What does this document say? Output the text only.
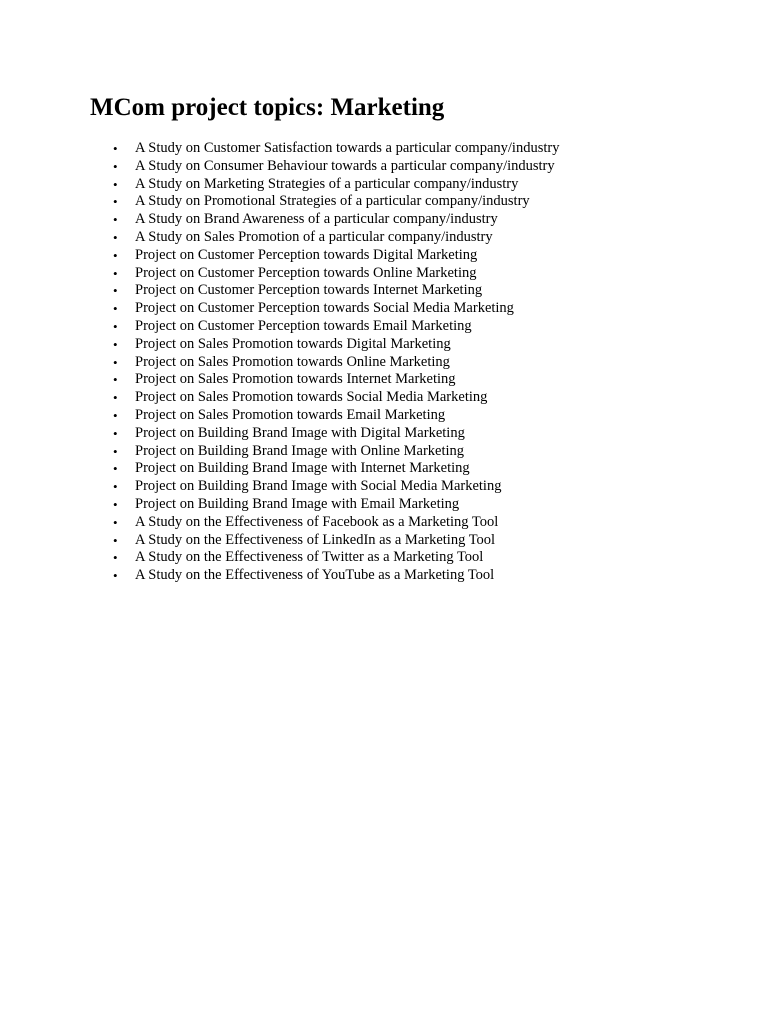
MCom project topics: Marketing
• A Study on Customer Satisfaction towards a particular company/industry
• A Study on Consumer Behaviour towards a particular company/industry
• A Study on Marketing Strategies of a particular company/industry
• A Study on Promotional Strategies of a particular company/industry
• A Study on Brand Awareness of a particular company/industry
• A Study on Sales Promotion of a particular company/industry
• Project on Customer Perception towards Digital Marketing
• Project on Customer Perception towards Online Marketing
• Project on Customer Perception towards Internet Marketing
• Project on Customer Perception towards Social Media Marketing
• Project on Customer Perception towards Email Marketing
• Project on Sales Promotion towards Digital Marketing
• Project on Sales Promotion towards Online Marketing
• Project on Sales Promotion towards Internet Marketing
• Project on Sales Promotion towards Social Media Marketing
• Project on Sales Promotion towards Email Marketing
• Project on Building Brand Image with Digital Marketing
• Project on Building Brand Image with Online Marketing
• Project on Building Brand Image with Internet Marketing
• Project on Building Brand Image with Social Media Marketing
• Project on Building Brand Image with Email Marketing
• A Study on the Effectiveness of Facebook as a Marketing Tool
• A Study on the Effectiveness of LinkedIn as a Marketing Tool
• A Study on the Effectiveness of Twitter as a Marketing Tool
• A Study on the Effectiveness of YouTube as a Marketing Tool
